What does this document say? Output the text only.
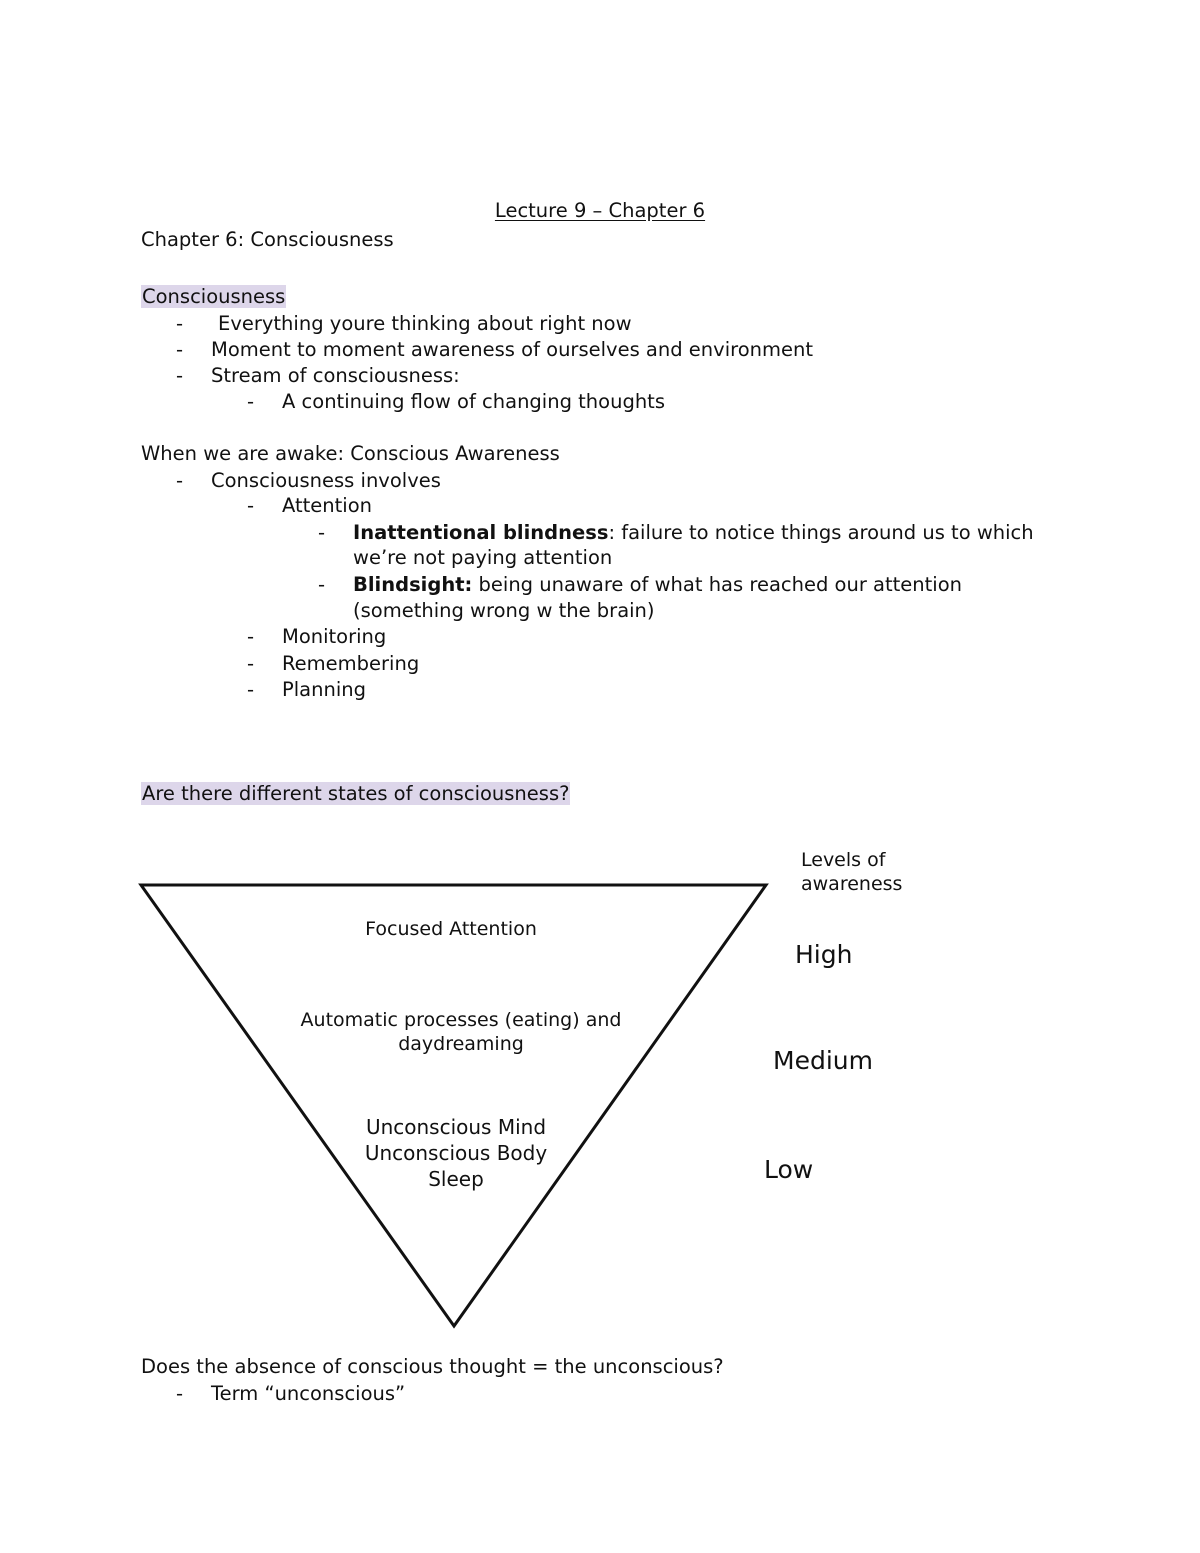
Lecture 9 – Chapter 6
Chapter 6: Consciousness
Consciousness
- Everything youre thinking about right now
- Moment to moment awareness of ourselves and environment
- Stream of consciousness:
- A continuing flow of changing thoughts
When we are awake: Conscious Awareness
- Consciousness involves
- Attention
- Inattentional blindness: failure to notice things around us to which
we’re not paying attention
- Blindsight: being unaware of what has reached our attention
(something wrong w the brain)
- Monitoring
- Remembering
- Planning
Are there different states of consciousness?
Focused Attention
Automatic processes (eating) and daydreaming
Unconscious Mind
Unconscious Body
Sleep
Levels of awareness
High
Medium
Low
Does the absence of conscious thought = the unconscious?
- Term “unconscious”
